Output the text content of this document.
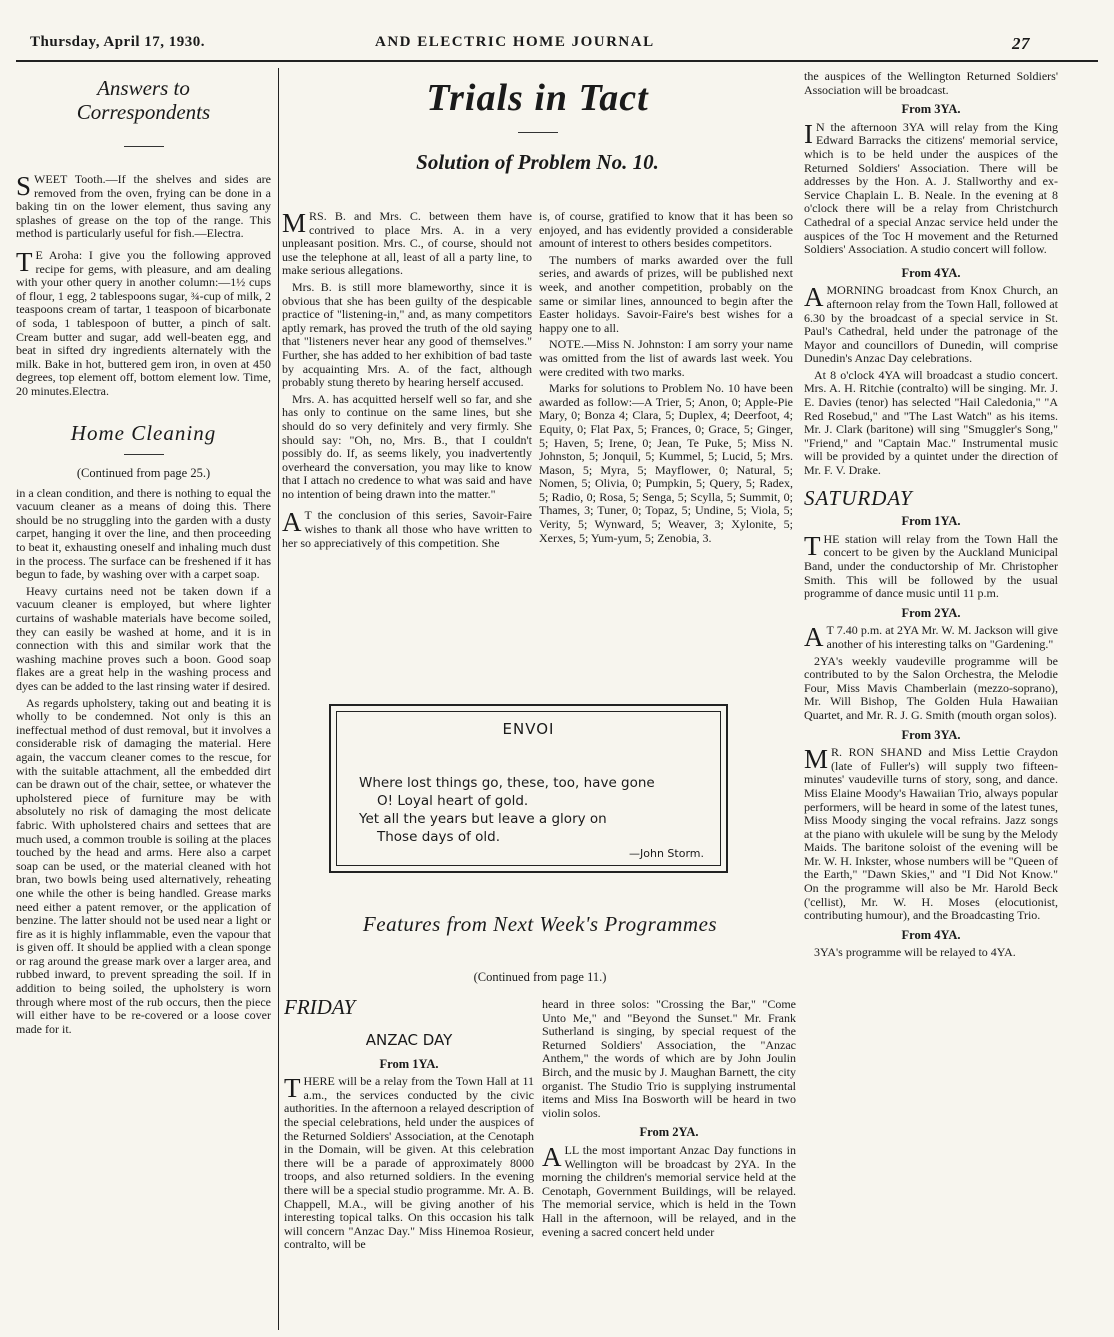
Thursday, April 17, 1930.	AND ELECTRIC HOME JOURNAL	27
Answers to
Correspondents

SWEET Tooth.—If the shelves and sides are removed from the oven, frying can be done in a baking tin on the lower element, thus saving any splashes of grease on the top of the range. This method is particularly useful for fish.—Electra.

T E Aroha: I give you the following approved recipe for gems, with pleasure, and am dealing with your other query in another column:—1½ cups of flour, 1 egg, 2 tablespoons sugar, ¾-cup of milk, 2 teaspoons cream of tartar, 1 teaspoon of bicarbonate of soda, 1 tablespoon of butter, a pinch of salt. Cream butter and sugar, add well-beaten egg, and beat in sifted dry ingredients alternately with the milk. Bake in hot, buttered gem iron, in oven at 450 degrees, top element off, bottom element low. Time, 20 minutes.Electra.

Home Cleaning
(Continued from page 25.)

in a clean condition, and there is nothing to equal the vacuum cleaner as a means of doing this. There should be no struggling into the garden with a dusty carpet, hanging it over the line, and then proceeding to beat it, exhausting oneself and inhaling much dust in the process. The surface can be freshened if it has begun to fade, by washing over with a carpet soap.

Heavy curtains need not be taken down if a vacuum cleaner is employed, but where lighter curtains of washable materials have become soiled, they can easily be washed at home, and it is in connection with this and similar work that the washing machine proves such a boon. Good soap flakes are a great help in the washing process and dyes can be added to the last rinsing water if desired.

As regards upholstery, taking out and beating it is wholly to be condemned. Not only is this an ineffectual method of dust removal, but it involves a considerable risk of damaging the material. Here again, the vaccum cleaner comes to the rescue, for with the suitable attachment, all the embedded dirt can be drawn out of the chair, settee, or whatever the upholstered piece of furniture may be with absolutely no risk of damaging the most delicate fabric. With upholstered chairs and settees that are much used, a common trouble is soiling at the places touched by the head and arms. Here also a carpet soap can be used, or the material cleaned with hot bran, two bowls being used alternatively, reheating one while the other is being handled. Grease marks need either a patent remover, or the application of benzine. The latter should not be used near a light or fire as it is highly inflammable, even the vapour that is given off. It should be applied with a clean sponge or rag around the grease mark over a larger area, and rubbed inward, to prevent spreading the soil. If in addition to being soiled, the upholstery is worn through where most of the rub occurs, then the piece will either have to be re-covered or a loose cover made for it.

Trials in Tact
Solution of Problem No. 10.

MRS. B. and Mrs. C. between them have contrived to place Mrs. A. in a very unpleasant position. Mrs. C., of course, should not use the telephone at all, least of all a party line, to make serious allegations.

Mrs. B. is still more blameworthy, since it is obvious that she has been guilty of the despicable practice of "listening-in," and, as many competitors aptly remark, has proved the truth of the old saying that "listeners never hear any good of themselves." Further, she has added to her exhibition of bad taste by acquainting Mrs. A. of the fact, although probably stung thereto by hearing herself accused.

Mrs. A. has acquitted herself well so far, and she has only to continue on the same lines, but she should do so very definitely and very firmly. She should say: "Oh, no, Mrs. B., that I couldn't possibly do. If, as seems likely, you inadvertently overheard the conversation, you may like to know that I attach no credence to what was said and have no intention of being drawn into the matter."

A T the conclusion of this series, Savoir-Faire wishes to thank all those who have written to her so appreciatively of this competition. She

is, of course, gratified to know that it has been so enjoyed, and has evidently provided a considerable amount of interest to others besides competitors.

The numbers of marks awarded over the full series, and awards of prizes, will be published next week, and another competition, probably on the same or similar lines, announced to begin after the Easter holidays. Savoir-Faire's best wishes for a happy one to all.

NOTE.—Miss N. Johnston: I am sorry your name was omitted from the list of awards last week. You were credited with two marks.

Marks for solutions to Problem No. 10 have been awarded as follow:—A Trier, 5; Anon, 0; Apple-Pie Mary, 0; Bonza 4; Clara, 5; Duplex, 4; Deerfoot, 4; Equity, 0; Flat Pax, 5; Frances, 0; Grace, 5; Ginger, 5; Haven, 5; Irene, 0; Jean, Te Puke, 5; Miss N. Johnston, 5; Jonquil, 5; Kummel, 5; Lucid, 5; Mrs. Mason, 5; Myra, 5; Mayflower, 0; Natural, 5; Nomen, 5; Olivia, 0; Pumpkin, 5; Query, 5; Radex, 5; Radio, 0; Rosa, 5; Senga, 5; Scylla, 5; Summit, 0; Thames, 3; Tuner, 0; Topaz, 5; Undine, 5; Viola, 5; Verity, 5; Wynward, 5; Weaver, 3; Xylonite, 5; Xerxes, 5; Yum-yum, 5; Zenobia, 3.

ENVOI
Where lost things go, these, too, have gone
O! Loyal heart of gold.
Yet all the years but leave a glory on
Those days of old.
—John Storm.
Features from Next Week's Programmes
(Continued from page 11.)
FRIDAY
ANZAC DAY
From 1YA.

THERE will be a relay from the Town Hall at 11 a.m., the services conducted by the civic authorities. In the afternoon a relayed description of the special celebrations, held under the auspices of the Returned Soldiers' Association, at the Cenotaph in the Domain, will be given. At this celebration there will be a parade of approximately 8000 troops, and also returned soldiers. In the evening there will be a special studio programme. Mr. A. B. Chappell, M.A., will be giving another of his interesting topical talks. On this occasion his talk will concern "Anzac Day." Miss Hinemoa Rosieur, contralto, will be

heard in three solos: "Crossing the Bar," "Come Unto Me," and "Beyond the Sunset." Mr. Frank Sutherland is singing, by special request of the Returned Soldiers' Association, the "Anzac Anthem," the words of which are by John Joulin Birch, and the music by J. Maughan Barnett, the city organist. The Studio Trio is supplying instrumental items and Miss Ina Bosworth will be heard in two violin solos.

From 2YA.

ALL the most important Anzac Day functions in Wellington will be broadcast by 2YA. In the morning the children's memorial service held at the Cenotaph, Government Buildings, will be relayed. The memorial service, which is held in the Town Hall in the afternoon, will be relayed, and in the evening a sacred concert held under

the auspices of the Wellington Returned Soldiers' Association will be broadcast.

From 3YA.

I N the afternoon 3YA will relay from the King Edward Barracks the citizens' memorial service, which is to be held under the auspices of the Returned Soldiers' Association. There will be addresses by the Hon. A. J. Stallworthy and ex-Service Chaplain L. B. Neale. In the evening at 8 o'clock there will be a relay from Christchurch Cathedral of a special Anzac service held under the auspices of the Toc H movement and the Returned Soldiers' Association. A studio concert will follow.

From 4YA.

AMORNING broadcast from Knox Church, an afternoon relay from the Town Hall, followed at 6.30 by the broadcast of a special service in St. Paul's Cathedral, held under the patronage of the Mayor and councillors of Dunedin, will comprise Dunedin's Anzac Day celebrations.

At 8 o'clock 4YA will broadcast a studio concert. Mrs. A. H. Ritchie (contralto) will be singing. Mr. J. E. Davies (tenor) has selected "Hail Caledonia," "A Red Rosebud," and "The Last Watch" as his items. Mr. J. Clark (baritone) will sing "Smuggler's Song," "Friend," and "Captain Mac." Instrumental music will be provided by a quintet under the direction of Mr. F. V. Drake.

SATURDAY
From 1YA.

THE station will relay from the Town Hall the concert to be given by the Auckland Municipal Band, under the conductorship of Mr. Christopher Smith. This will be followed by the usual programme of dance music until 11 p.m.

From 2YA.

A T 7.40 p.m. at 2YA Mr. W. M. Jackson will give another of his interesting talks on "Gardening."

2YA's weekly vaudeville programme will be contributed to by the Salon Orchestra, the Melodie Four, Miss Mavis Chamberlain (mezzo-soprano), Mr. Will Bishop, The Golden Hula Hawaiian Quartet, and Mr. R. J. G. Smith (mouth organ solos).

From 3YA.

M R. RON SHAND and Miss Lettie Craydon (late of Fuller's) will supply two fifteen-minutes' vaudeville turns of story, song, and dance. Miss Elaine Moody's Hawaiian Trio, always popular performers, will be heard in some of the latest tunes, Miss Moody singing the vocal refrains. Jazz songs at the piano with ukulele will be sung by the Melody Maids. The baritone soloist of the evening will be Mr. W. H. Inkster, whose numbers will be "Queen of the Earth," "Dawn Skies," and "I Did Not Know." On the programme will also be Mr. Harold Beck ('cellist), Mr. W. H. Moses (elocutionist, contributing humour), and the Broadcasting Trio.

From 4YA.

3YA's programme will be relayed to 4YA.
